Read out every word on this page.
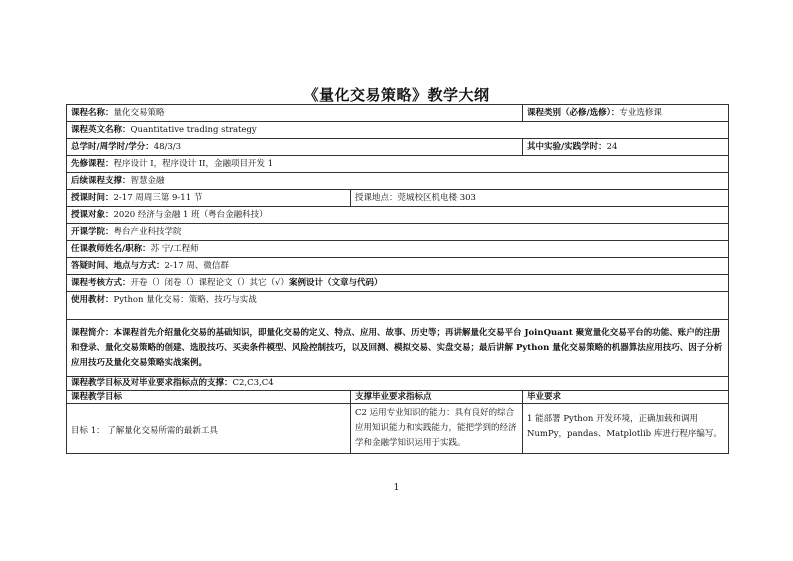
《量化交易策略》教学大纲
课程名称：量化交易策略		课程类别（必修/选修）：专业选修课
课程英文名称：Quantitative trading strategy		
总学时/周学时/学分：48/3/3		其中实验/实践学时：24
先修课程：程序设计 I，程序设计 II，金融项目开发 1		
后续课程支撑：智慧金融		
授课时间：2-17 周周三第 9-11 节	授课地点：莞城校区机电楼 303	
授课对象：2020 经济与金融 1 班（粤台金融科技）		
开课学院：粤台产业科技学院		
任课教师姓名/职称：苏 宁/工程师		
答疑时间、地点与方式：2-17 周、微信群		
课程考核方式：开卷（）闭卷（）课程论文（）其它（√）案例设计（文章与代码）		
使用教材：Python 量化交易：策略、技巧与实战		
课程简介：本课程首先介绍量化交易的基础知识，即量化交易的定义、特点、应用、故事、历史等；再讲解量化交易平台 JoinQuant 聚宽量化交易平台的功能、账户的注册和登录、量化交易策略的创建、选股技巧、买卖条件模型、风险控制技巧，以及回测、模拟交易、实盘交易；最后讲解 Python 量化交易策略的机器算法应用技巧、因子分析应用技巧及量化交易策略实战案例。		
课程教学目标及对毕业要求指标点的支撑：C2,C3,C4		
课程教学目标	支撑毕业要求指标点	毕业要求
目标 1： 了解量化交易所需的最新工具	C2 运用专业知识的能力：具有良好的综合应用知识能力和实践能力，能把学到的经济学和金融学知识运用于实践。	1 能部署 Python 开发环境，正确加载和调用 NumPy，pandas、Matplotlib 库进行程序编写。
1
